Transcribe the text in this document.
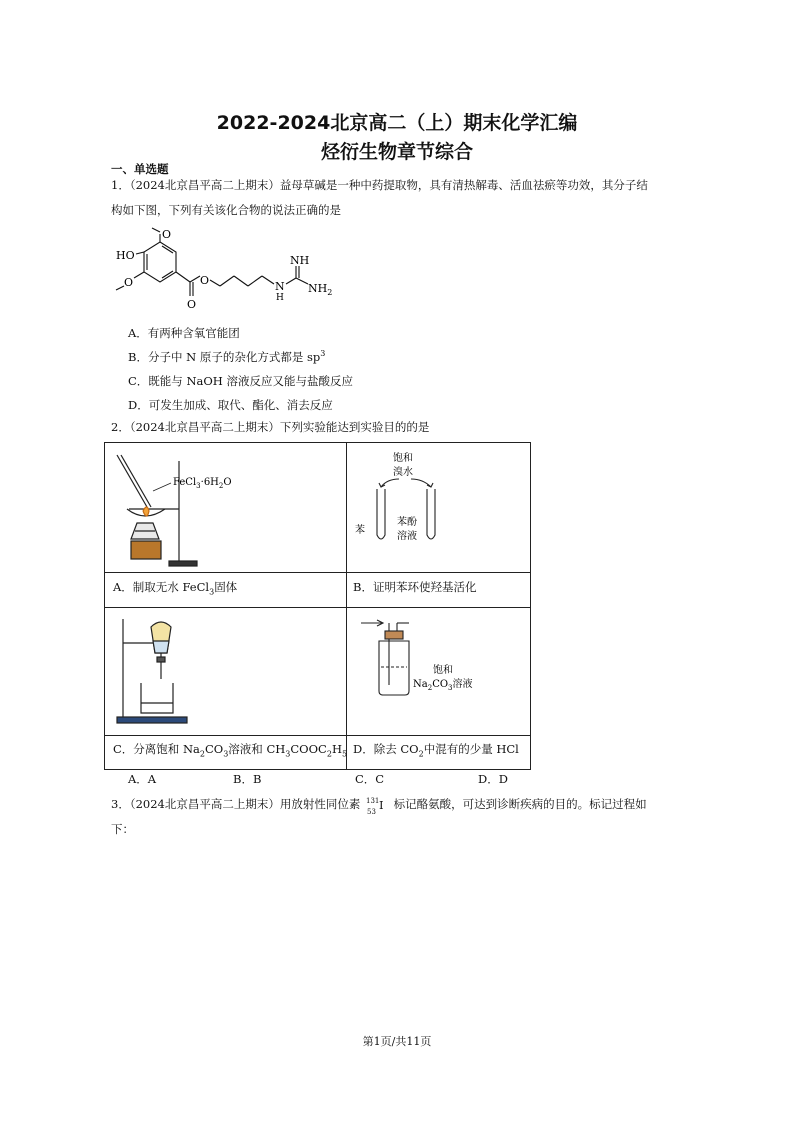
2022-2024北京高二（上）期末化学汇编
烃衍生物章节综合
一、单选题
1．（2024北京昌平高二上期末）益母草碱是一种中药提取物，具有清热解毒、活血祛瘀等功效，其分子结
构如下图，下列有关该化合物的说法正确的是
O
HO
O
O
O
NH
N
H
$NH_2$
A．有两种含氧官能团
B．分子中 N 原子的杂化方式都是 $sp^3$
C．既能与 NaOH 溶液反应又能与盐酸反应
D．可发生加成、取代、酯化、消去反应
2．（2024北京昌平高二上期末）下列实验能达到实验目的的是
$FeCl_3\cdot 6H_2O$
饱和
溴水
苯
苯酚
溶液
A．制取无水 FeCl$_3$固体	B．证明苯环使羟基活化
饱和
$Na_2CO_3$溶液
C．分离饱和 $Na_2CO_3$溶液和 $CH_3COOC_2H_5$ D．除去 $CO_2$中混有的少量 HCl
A．A	B．B	C．C	D．D
3．（2024北京昌平高二上期末）用放射性同位素 131
53 I 标记酪氨酸，可达到诊断疾病的目的。标记过程如
下：
第1页/共11页
